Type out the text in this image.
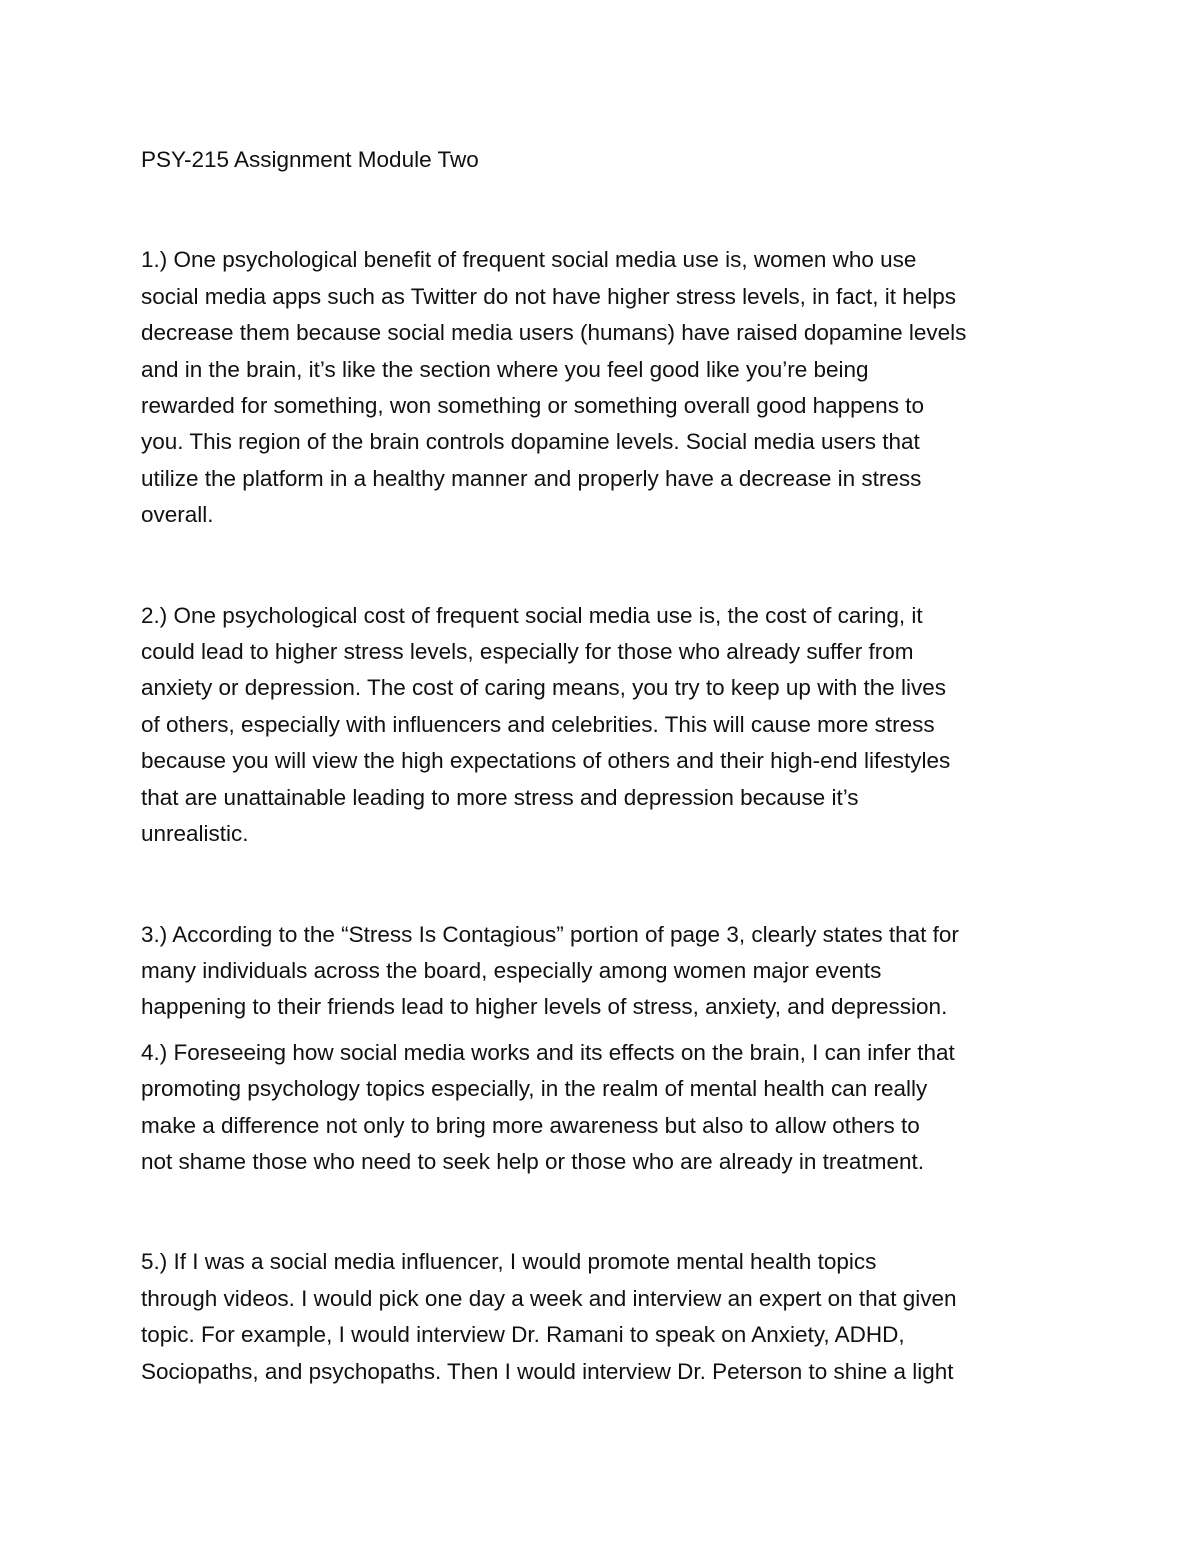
PSY-215 Assignment Module Two
1.) One psychological benefit of frequent social media use is, women who use
social media apps such as Twitter do not have higher stress levels, in fact, it helps
decrease them because social media users (humans) have raised dopamine levels
and in the brain, it’s like the section where you feel good like you’re being
rewarded for something, won something or something overall good happens to
you. This region of the brain controls dopamine levels. Social media users that
utilize the platform in a healthy manner and properly have a decrease in stress
overall.
2.) One psychological cost of frequent social media use is, the cost of caring, it
could lead to higher stress levels, especially for those who already suffer from
anxiety or depression. The cost of caring means, you try to keep up with the lives
of others, especially with influencers and celebrities. This will cause more stress
because you will view the high expectations of others and their high-end lifestyles
that are unattainable leading to more stress and depression because it’s
unrealistic.
3.) According to the “Stress Is Contagious” portion of page 3, clearly states that for
many individuals across the board, especially among women major events
happening to their friends lead to higher levels of stress, anxiety, and depression.
4.) Foreseeing how social media works and its effects on the brain, I can infer that
promoting psychology topics especially, in the realm of mental health can really
make a difference not only to bring more awareness but also to allow others to
not shame those who need to seek help or those who are already in treatment.
5.) If I was a social media influencer, I would promote mental health topics
through videos. I would pick one day a week and interview an expert on that given
topic. For example, I would interview Dr. Ramani to speak on Anxiety, ADHD,
Sociopaths, and psychopaths. Then I would interview Dr. Peterson to shine a light
